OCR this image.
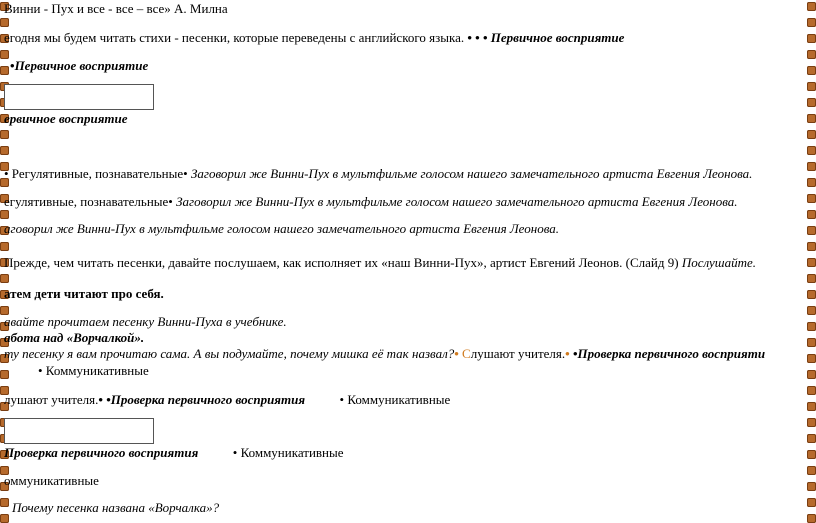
Винни - Пух и все - все – все» А. Милна
егодня мы будем читать стихи - песенки, которые переведены с английского языка. • • • Первичное восприятие
•Первичное восприятие
ервичное восприятие
• Регулятивные, познавательные• Заговорил же Винни-Пух в мультфильме голосом нашего замечательного артиста Евгения Леонова.
егулятивные, познавательные• Заговорил же Винни-Пух в мультфильме голосом нашего замечательного артиста Евгения Леонова.
аговорил же Винни-Пух в мультфильме голосом нашего замечательного артиста Евгения Леонова.
Прежде, чем читать песенки, давайте послушаем, как исполняет их «наш Винни-Пух», артист Евгений Леонов. (Слайд 9) Послушайте.
атем дети читают про себя.
авайте прочитаем песенку Винни-Пуха в учебнике.
абота над «Ворчалкой».
ту песенку я вам прочитаю сама. А вы подумайте, почему мишка её так назвал?• Слушают учителя.• •Проверка первичного восприяти
• Коммуникативные
лушают учителя.• •Проверка первичного восприятия	• Коммуникативные
Проверка первичного восприятия	• Коммуникативные
оммуникативные
Почему песенка названа «Ворчалка»?
